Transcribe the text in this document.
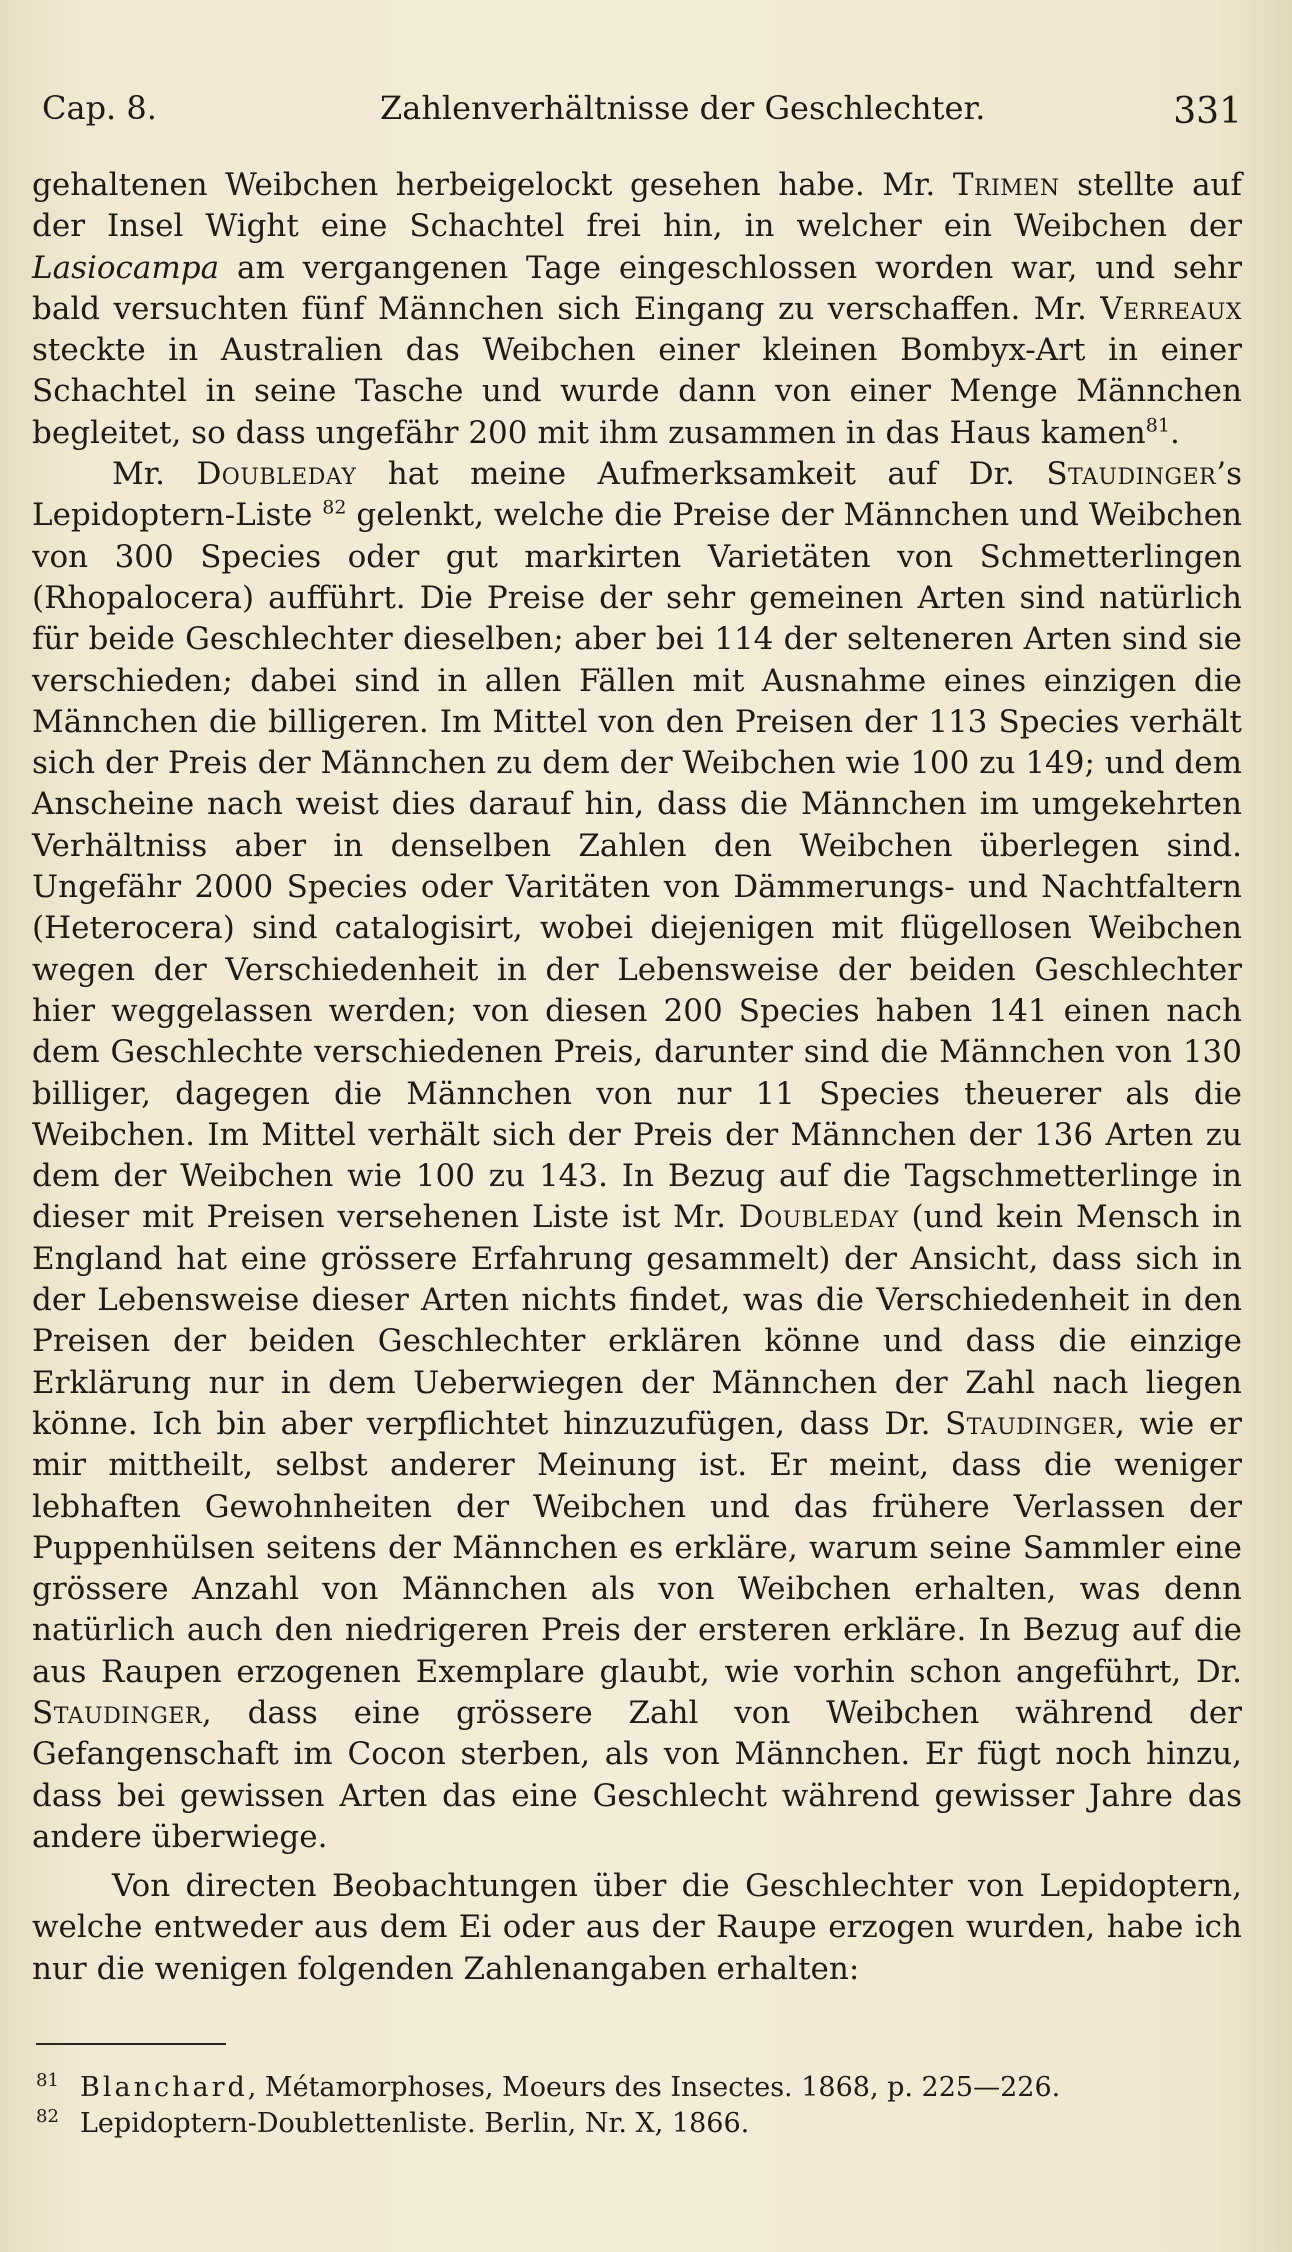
Cap. 8.	Zahlenverhältnisse der Geschlechter.	331

gehaltenen Weibchen herbeigelockt gesehen habe. Mr. Trimen stellte auf der Insel Wight eine Schachtel frei hin, in welcher ein Weibchen der Lasiocampa am vergangenen Tage eingeschlossen worden war, und sehr bald versuchten fünf Männchen sich Eingang zu verschaffen. Mr. Verreaux steckte in Australien das Weibchen einer kleinen Bombyx-Art in einer Schachtel in seine Tasche und wurde dann von einer Menge Männchen begleitet, so dass ungefähr 200 mit ihm zusammen in das Haus kamen$^{81}$.

Mr. Doubleday hat meine Aufmerksamkeit auf Dr. Staudinger’s Lepidoptern-Liste $^{82}$ gelenkt, welche die Preise der Männchen und Weibchen von 300 Species oder gut markirten Varietäten von Schmetterlingen (Rhopalocera) aufführt. Die Preise der sehr gemeinen Arten sind natürlich für beide Geschlechter dieselben; aber bei 114 der selteneren Arten sind sie verschieden; dabei sind in allen Fällen mit Ausnahme eines einzigen die Männchen die billigeren. Im Mittel von den Preisen der 113 Species verhält sich der Preis der Männchen zu dem der Weibchen wie 100 zu 149; und dem Anscheine nach weist dies darauf hin, dass die Männchen im umgekehrten Verhältniss aber in denselben Zahlen den Weibchen überlegen sind. Ungefähr 2000 Species oder Varitäten von Dämmerungs- und Nachtfaltern (Heterocera) sind catalogisirt, wobei diejenigen mit flügellosen Weibchen wegen der Verschiedenheit in der Lebensweise der beiden Geschlechter hier weggelassen werden; von diesen 200 Species haben 141 einen nach dem Geschlechte verschiedenen Preis, darunter sind die Männchen von 130 billiger, dagegen die Männchen von nur 11 Species theuerer als die Weibchen. Im Mittel verhält sich der Preis der Männchen der 136 Arten zu dem der Weibchen wie 100 zu 143. In Bezug auf die Tagschmetterlinge in dieser mit Preisen versehenen Liste ist Mr. Doubleday (und kein Mensch in England hat eine grössere Erfahrung gesammelt) der Ansicht, dass sich in der Lebensweise dieser Arten nichts findet, was die Verschiedenheit in den Preisen der beiden Geschlechter erklären könne und dass die einzige Erklärung nur in dem Ueberwiegen der Männchen der Zahl nach liegen könne. Ich bin aber verpflichtet hinzuzufügen, dass Dr. Staudinger, wie er mir mittheilt, selbst anderer Meinung ist. Er meint, dass die weniger lebhaften Gewohnheiten der Weibchen und das frühere Verlassen der Puppenhülsen seitens der Männchen es erkläre, warum seine Sammler eine grössere Anzahl von Männchen als von Weibchen erhalten, was denn natürlich auch den niedrigeren Preis der ersteren erkläre. In Bezug auf die aus Raupen erzogenen Exemplare glaubt, wie vorhin schon angeführt, Dr. Staudinger, dass eine grössere Zahl von Weibchen während der Gefangenschaft im Cocon sterben, als von Männchen. Er fügt noch hinzu, dass bei gewissen Arten das eine Geschlecht während gewisser Jahre das andere überwiege.

Von directen Beobachtungen über die Geschlechter von Lepidoptern, welche entweder aus dem Ei oder aus der Raupe erzogen wurden, habe ich nur die wenigen folgenden Zahlenangaben erhalten:

81 Blanchard, Métamorphoses, Moeurs des Insectes. 1868, p. 225—226.

82 Lepidoptern-Doublettenliste. Berlin, Nr. X, 1866.
